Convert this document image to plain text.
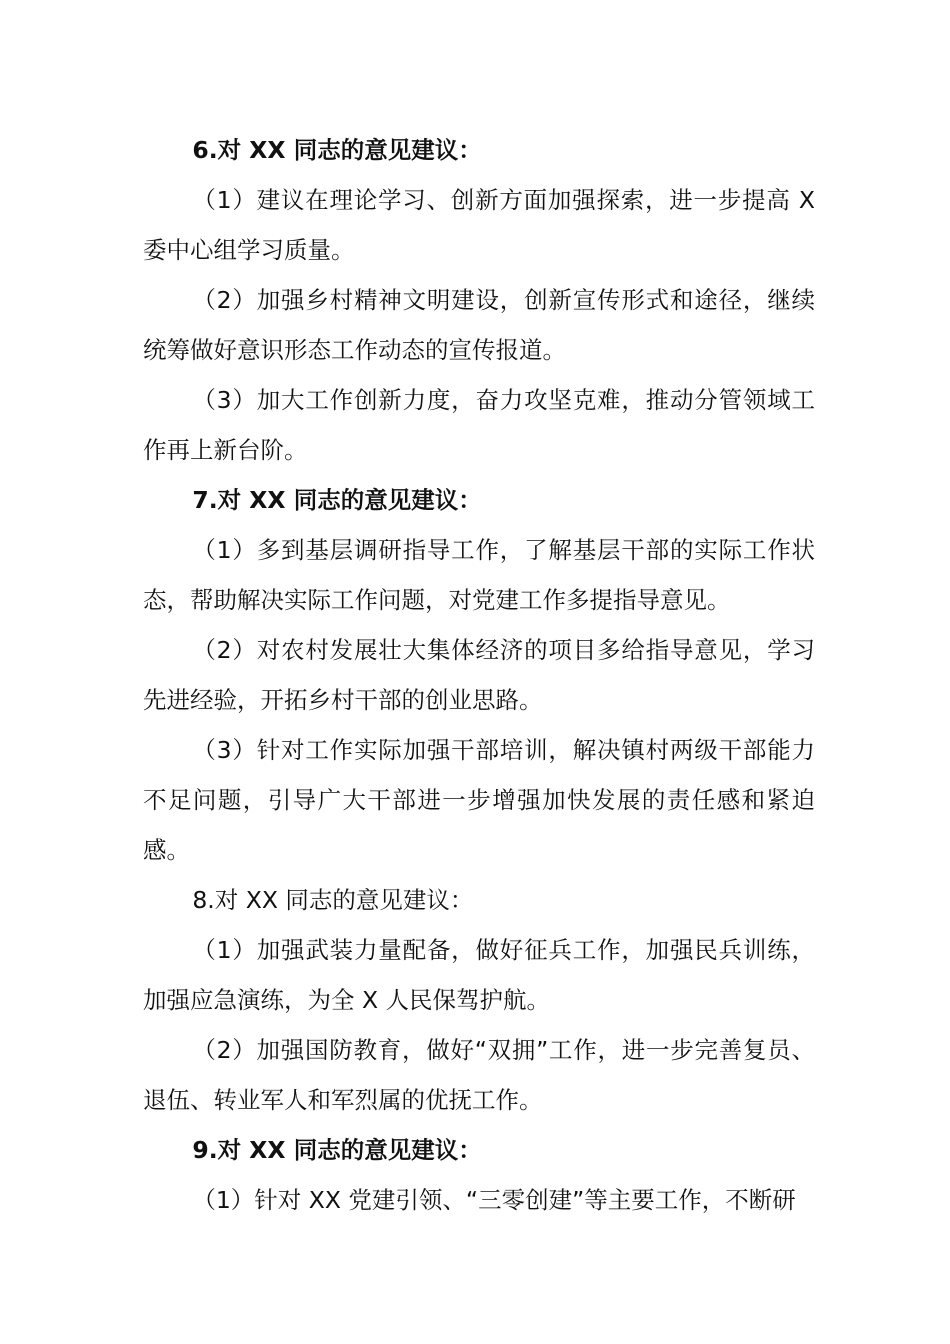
6.对 XX 同志的意见建议：

（1）建议在理论学习、创新方面加强探索，进一步提高 X 委中心组学习质量。

（2）加强乡村精神文明建设，创新宣传形式和途径，继续统筹做好意识形态工作动态的宣传报道。

（3）加大工作创新力度，奋力攻坚克难，推动分管领域工作再上新台阶。

7.对 XX 同志的意见建议：

（1）多到基层调研指导工作，了解基层干部的实际工作状态，帮助解决实际工作问题，对党建工作多提指导意见。

（2）对农村发展壮大集体经济的项目多给指导意见，学习先进经验，开拓乡村干部的创业思路。

（3）针对工作实际加强干部培训，解决镇村两级干部能力不足问题，引导广大干部进一步增强加快发展的责任感和紧迫感。

8.对 XX 同志的意见建议：

（1）加强武装力量配备，做好征兵工作，加强民兵训练，加强应急演练，为全 X 人民保驾护航。

（2）加强国防教育，做好“双拥”工作，进一步完善复员、退伍、转业军人和军烈属的优抚工作。

9.对 XX 同志的意见建议：

（1）针对 XX 党建引领、“三零创建”等主要工作，不断研
